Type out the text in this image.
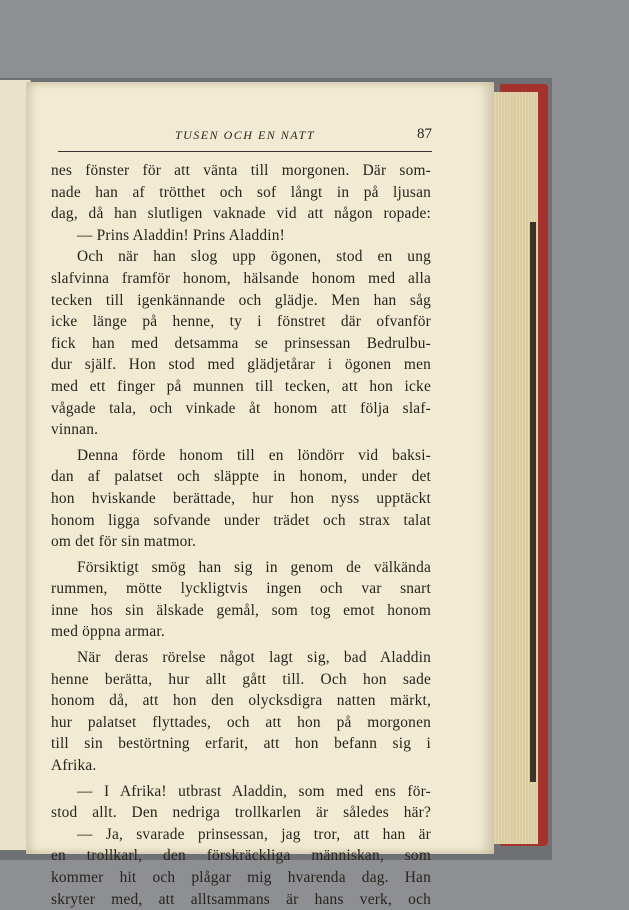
TUSEN OCH EN NATT	87
nes fönster för att vänta till morgonen. Där som-
nade han af trötthet och sof långt in på ljusan
dag, då han slutligen vaknade vid att någon ropade:
— Prins Aladdin! Prins Aladdin!
Och när han slog upp ögonen, stod en ung
slafvinna framför honom, hälsande honom med alla
tecken till igenkännande och glädje. Men han såg
icke länge på henne, ty i fönstret där ofvanför
fick han med detsamma se prinsessan Bedrulbu-
dur själf. Hon stod med glädjetårar i ögonen men
med ett finger på munnen till tecken, att hon icke
vågade tala, och vinkade åt honom att följa slaf-
vinnan.
Denna förde honom till en löndörr vid baksi-
dan af palatset och släppte in honom, under det
hon hviskande berättade, hur hon nyss upptäckt
honom ligga sofvande under trädet och strax talat
om det för sin matmor.
Försiktigt smög han sig in genom de välkända
rummen, mötte lyckligtvis ingen och var snart
inne hos sin älskade gemål, som tog emot honom
med öppna armar.
När deras rörelse något lagt sig, bad Aladdin
henne berätta, hur allt gått till. Och hon sade
honom då, att hon den olycksdigra natten märkt,
hur palatset flyttades, och att hon på morgonen
till sin bestörtning erfarit, att hon befann sig i
Afrika.
— I Afrika! utbrast Aladdin, som med ens för-
stod allt. Den nedriga trollkarlen är således här?
— Ja, svarade prinsessan, jag tror, att han är
en trollkarl, den förskräckliga människan, som
kommer hit och plågar mig hvarenda dag. Han
skryter med, att alltsammans är hans verk, och
